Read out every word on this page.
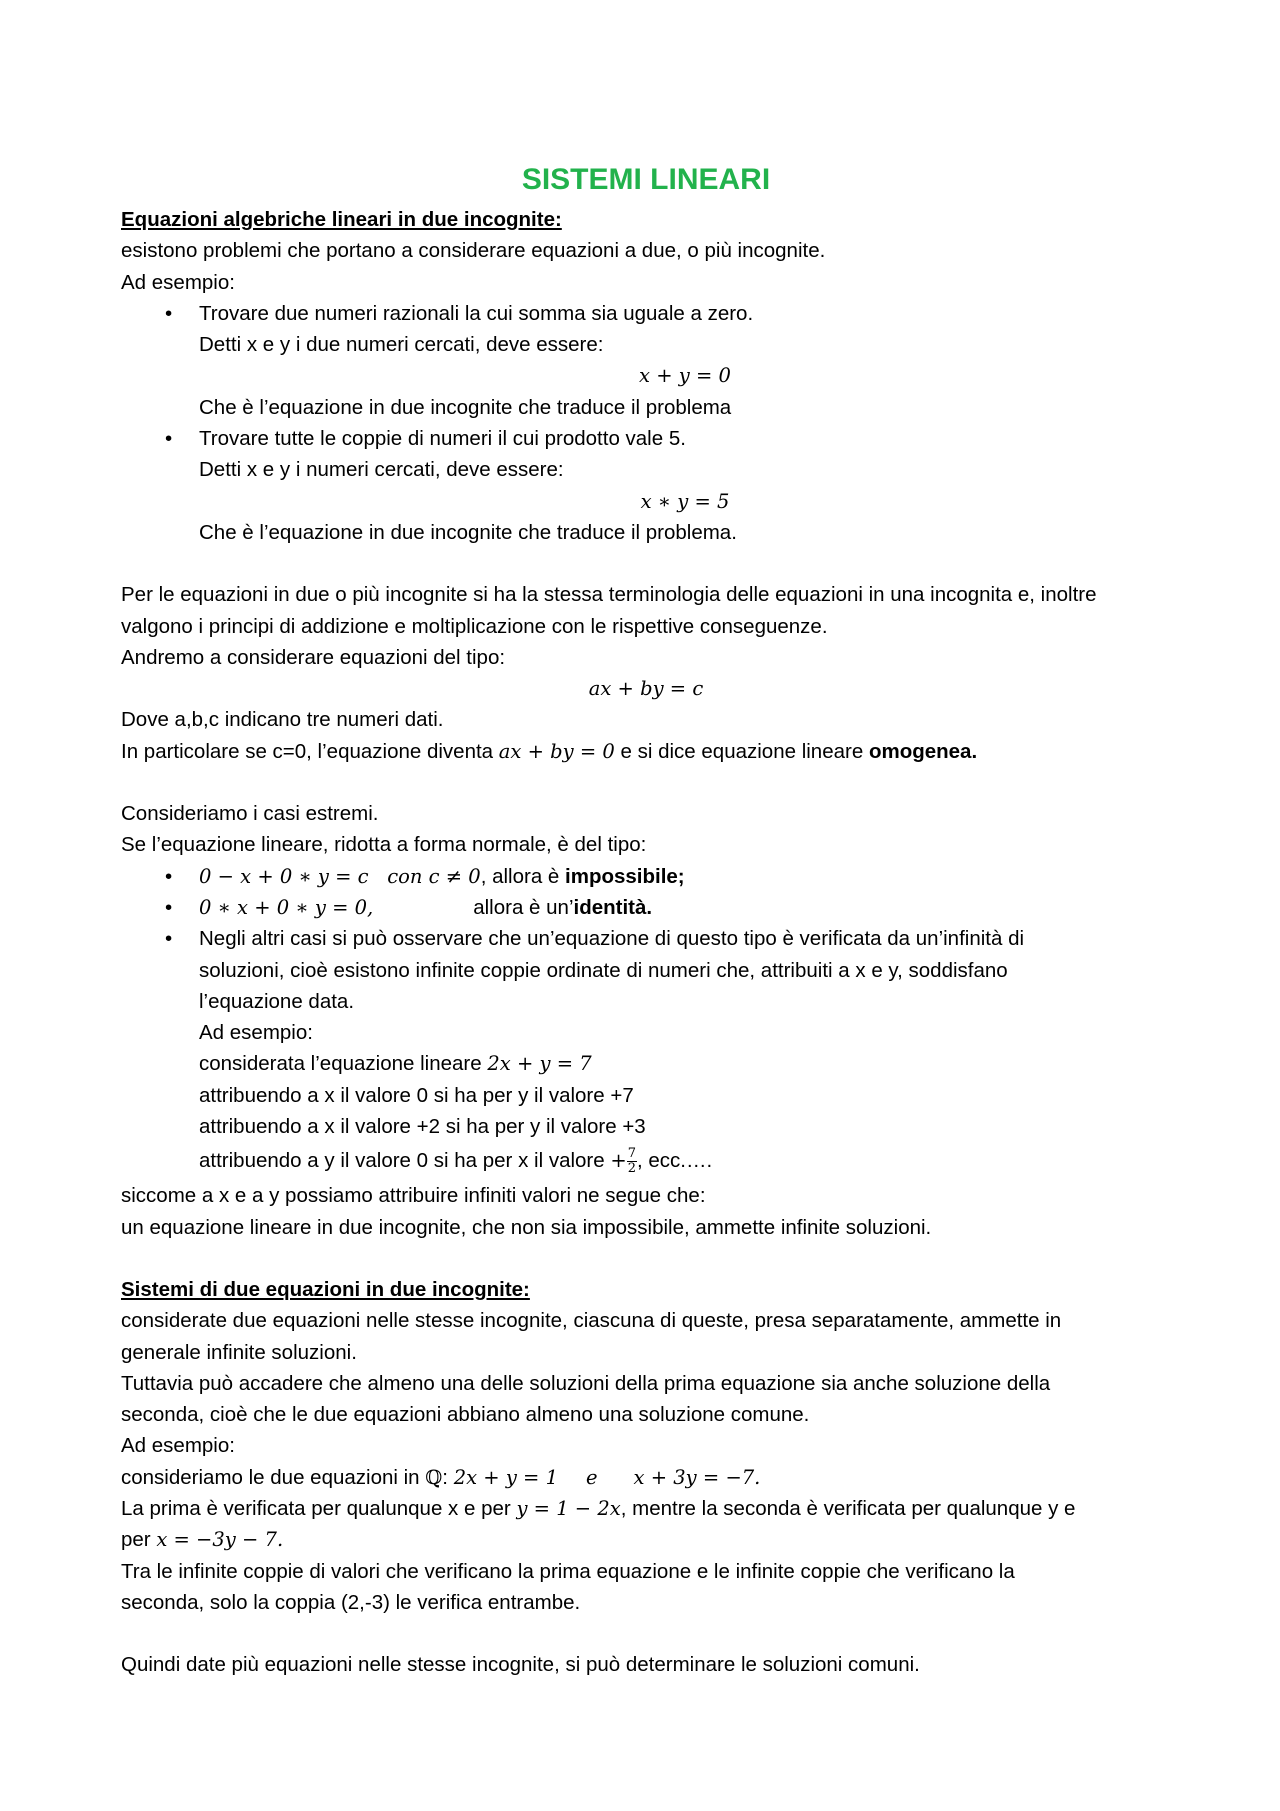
SISTEMI LINEARI

Equazioni algebriche lineari in due incognite:

esistono problemi che portano a considerare equazioni a due, o più incognite.

Ad esempio:

• Trovare due numeri razionali la cui somma sia uguale a zero.

Detti x e y i due numeri cercati, deve essere:

x + y = 0

Che è l’equazione in due incognite che traduce il problema

• Trovare tutte le coppie di numeri il cui prodotto vale 5.

Detti x e y i numeri cercati, deve essere:

x ∗ y = 5

Che è l’equazione in due incognite che traduce il problema.

Per le equazioni in due o più incognite si ha la stessa terminologia delle equazioni in una incognita e, inoltre

valgono i principi di addizione e moltiplicazione con le rispettive conseguenze.

Andremo a considerare equazioni del tipo:

ax + by = c

Dove a,b,c indicano tre numeri dati.

In particolare se c=0, l’equazione diventa ax + by = 0 e si dice equazione lineare omogenea.

Consideriamo i casi estremi.

Se l’equazione lineare, ridotta a forma normale, è del tipo:

• 0 − x + 0 ∗ y = c   con c ≠ 0, allora è impossibile;

• 0 ∗ x + 0 ∗ y = 0,	allora è un’identità.

• Negli altri casi si può osservare che un’equazione di questo tipo è verificata da un’infinità di

soluzioni, cioè esistono infinite coppie ordinate di numeri che, attribuiti a x e y, soddisfano

l’equazione data.

Ad esempio:

considerata l’equazione lineare 2x + y = 7

attribuendo a x il valore 0 si ha per y il valore +7

attribuendo a x il valore +2 si ha per y il valore +3

attribuendo a y il valore 0 si ha per x il valore + $\frac{7}{2}$ , ecc.….

siccome a x e a y possiamo attribuire infiniti valori ne segue che:

un equazione lineare in due incognite, che non sia impossibile, ammette infinite soluzioni.

Sistemi di due equazioni in due incognite:

considerate due equazioni nelle stesse incognite, ciascuna di queste, presa separatamente, ammette in

generale infinite soluzioni.

Tuttavia può accadere che almeno una delle soluzioni della prima equazione sia anche soluzione della

seconda, cioè che le due equazioni abbiano almeno una soluzione comune.

Ad esempio:

consideriamo le due equazioni in ℚ: 2x + y = 1 e x + 3y = −7.

La prima è verificata per qualunque x e per y = 1 − 2x, mentre la seconda è verificata per qualunque y e

per x = −3y − 7.

Tra le infinite coppie di valori che verificano la prima equazione e le infinite coppie che verificano la

seconda, solo la coppia (2,-3) le verifica entrambe.

Quindi date più equazioni nelle stesse incognite, si può determinare le soluzioni comuni.
